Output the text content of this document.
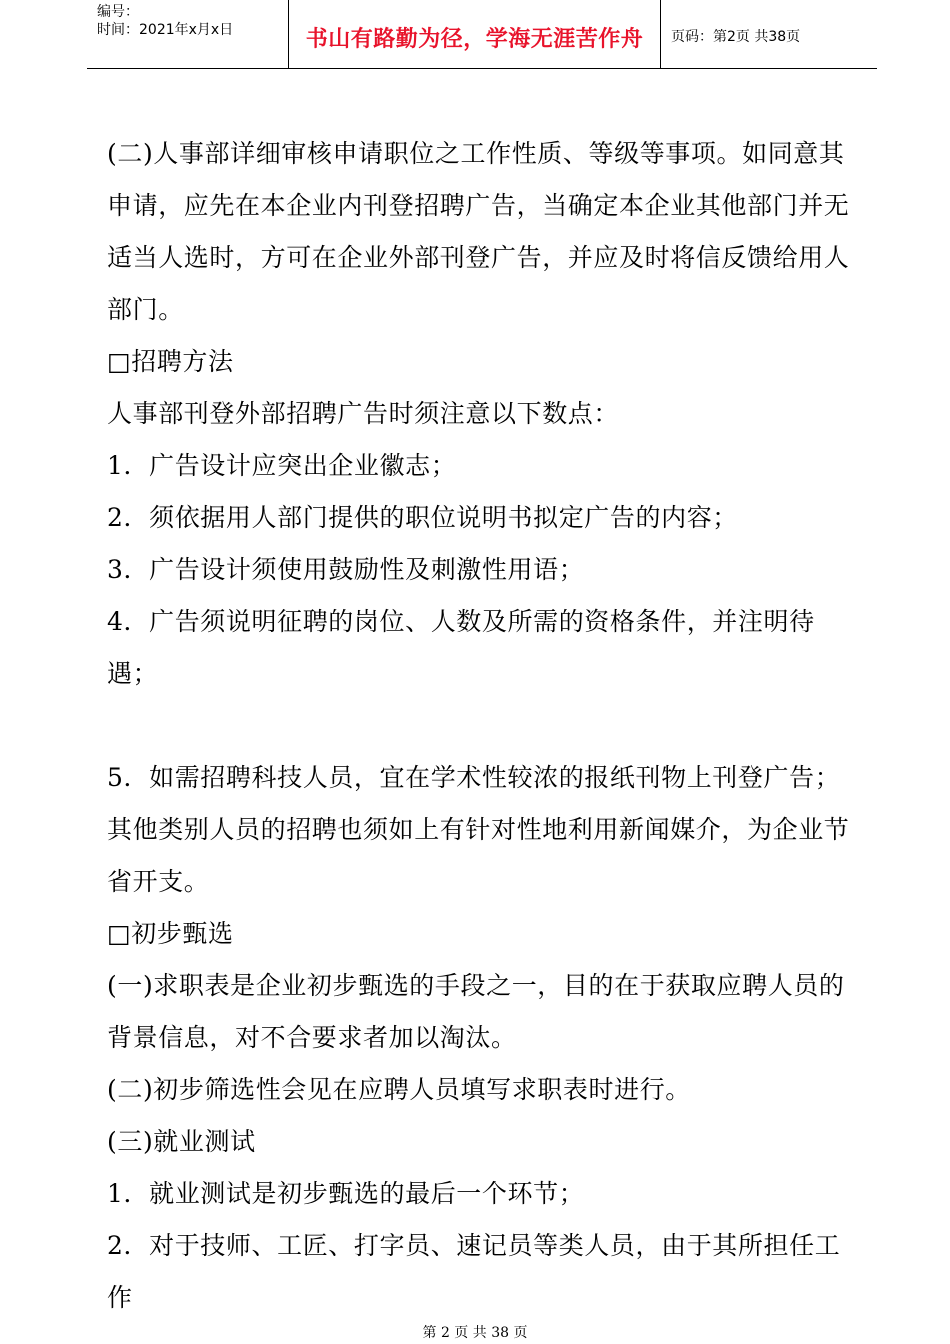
编号：
时间：2021年x月x日	书山有路勤为径，学海无涯苦作舟	页码：第2页 共38页

(二)人事部详细审核申请职位之工作性质、等级等事项。如同意其申请，应先在本企业内刊登招聘广告，当确定本企业其他部门并无适当人选时，方可在企业外部刊登广告，并应及时将信反馈给用人部门。

□招聘方法

人事部刊登外部招聘广告时须注意以下数点：

1．广告设计应突出企业徽志；

2．须依据用人部门提供的职位说明书拟定广告的内容；

3．广告设计须使用鼓励性及刺激性用语；

4．广告须说明征聘的岗位、人数及所需的资格条件，并注明待遇；

5．如需招聘科技人员，宜在学术性较浓的报纸刊物上刊登广告；其他类别人员的招聘也须如上有针对性地利用新闻媒介，为企业节省开支。

□初步甄选

(一)求职表是企业初步甄选的手段之一，目的在于获取应聘人员的背景信息，对不合要求者加以淘汰。

(二)初步筛选性会见在应聘人员填写求职表时进行。

(三)就业测试

1．就业测试是初步甄选的最后一个环节；

2．对于技师、工匠、打字员、速记员等类人员，由于其所担任工作

第 2 页 共 38 页
